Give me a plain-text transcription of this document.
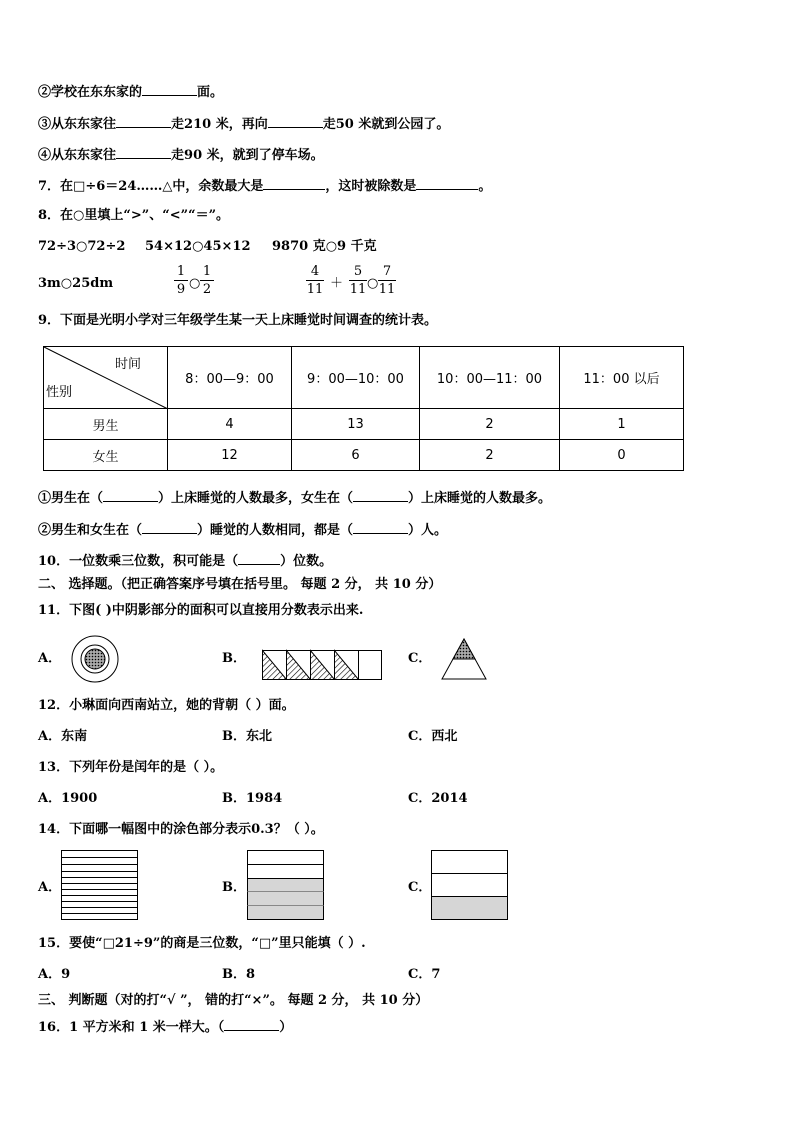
②学校在东东家的	面。
③从东东家往	走210 米，再向	走50 米就到公园了。
④从东东家往	走90 米，就到了停车场。
7．在□÷6＝24……△中，余数最大是	，这时被除数是	。
8．在○里填上“>”、“<”“＝”。
72÷3○72÷2 54×12○45×12 9870 克○9 千克
3m○25dm
1
9 ○
1
2
4
11 ＋
5
11 ○
7
11
9．下面是光明小学对三年级学生某一天上床睡觉时间调查的统计表。
时间
性别	8：00—9：00	9：00—10：00	10：00—11：00	11：00 以后
男生	4	13	2	1
女生	12	6	2	0
①男生在（	）上床睡觉的人数最多，女生在（	）上床睡觉的人数最多。
②男生和女生在（	）睡觉的人数相同，都是（	）人。
10．一位数乘三位数，积可能是（	）位数。
二、 选择题。（把正确答案序号填在括号里。 每题 2 分， 共 10 分）
11．下图( )中阴影部分的面积可以直接用分数表示出来.
A．	B．	C．
12．小琳面向西南站立，她的背朝（ ）面。
A．东南	B．东北	C．西北
13．下列年份是闰年的是（ ）。
A．1900	B．1984	C．2014
14．下面哪一幅图中的涂色部分表示0.3？（ ）。
A．	B．	C．
15．要使“□21÷9”的商是三位数，“□”里只能填（ ）.
A．9	B．8	C．7
三、 判断题（对的打“√ ”， 错的打“×”。 每题 2 分， 共 10 分）
16．1 平方米和 1 米一样大。（	）
